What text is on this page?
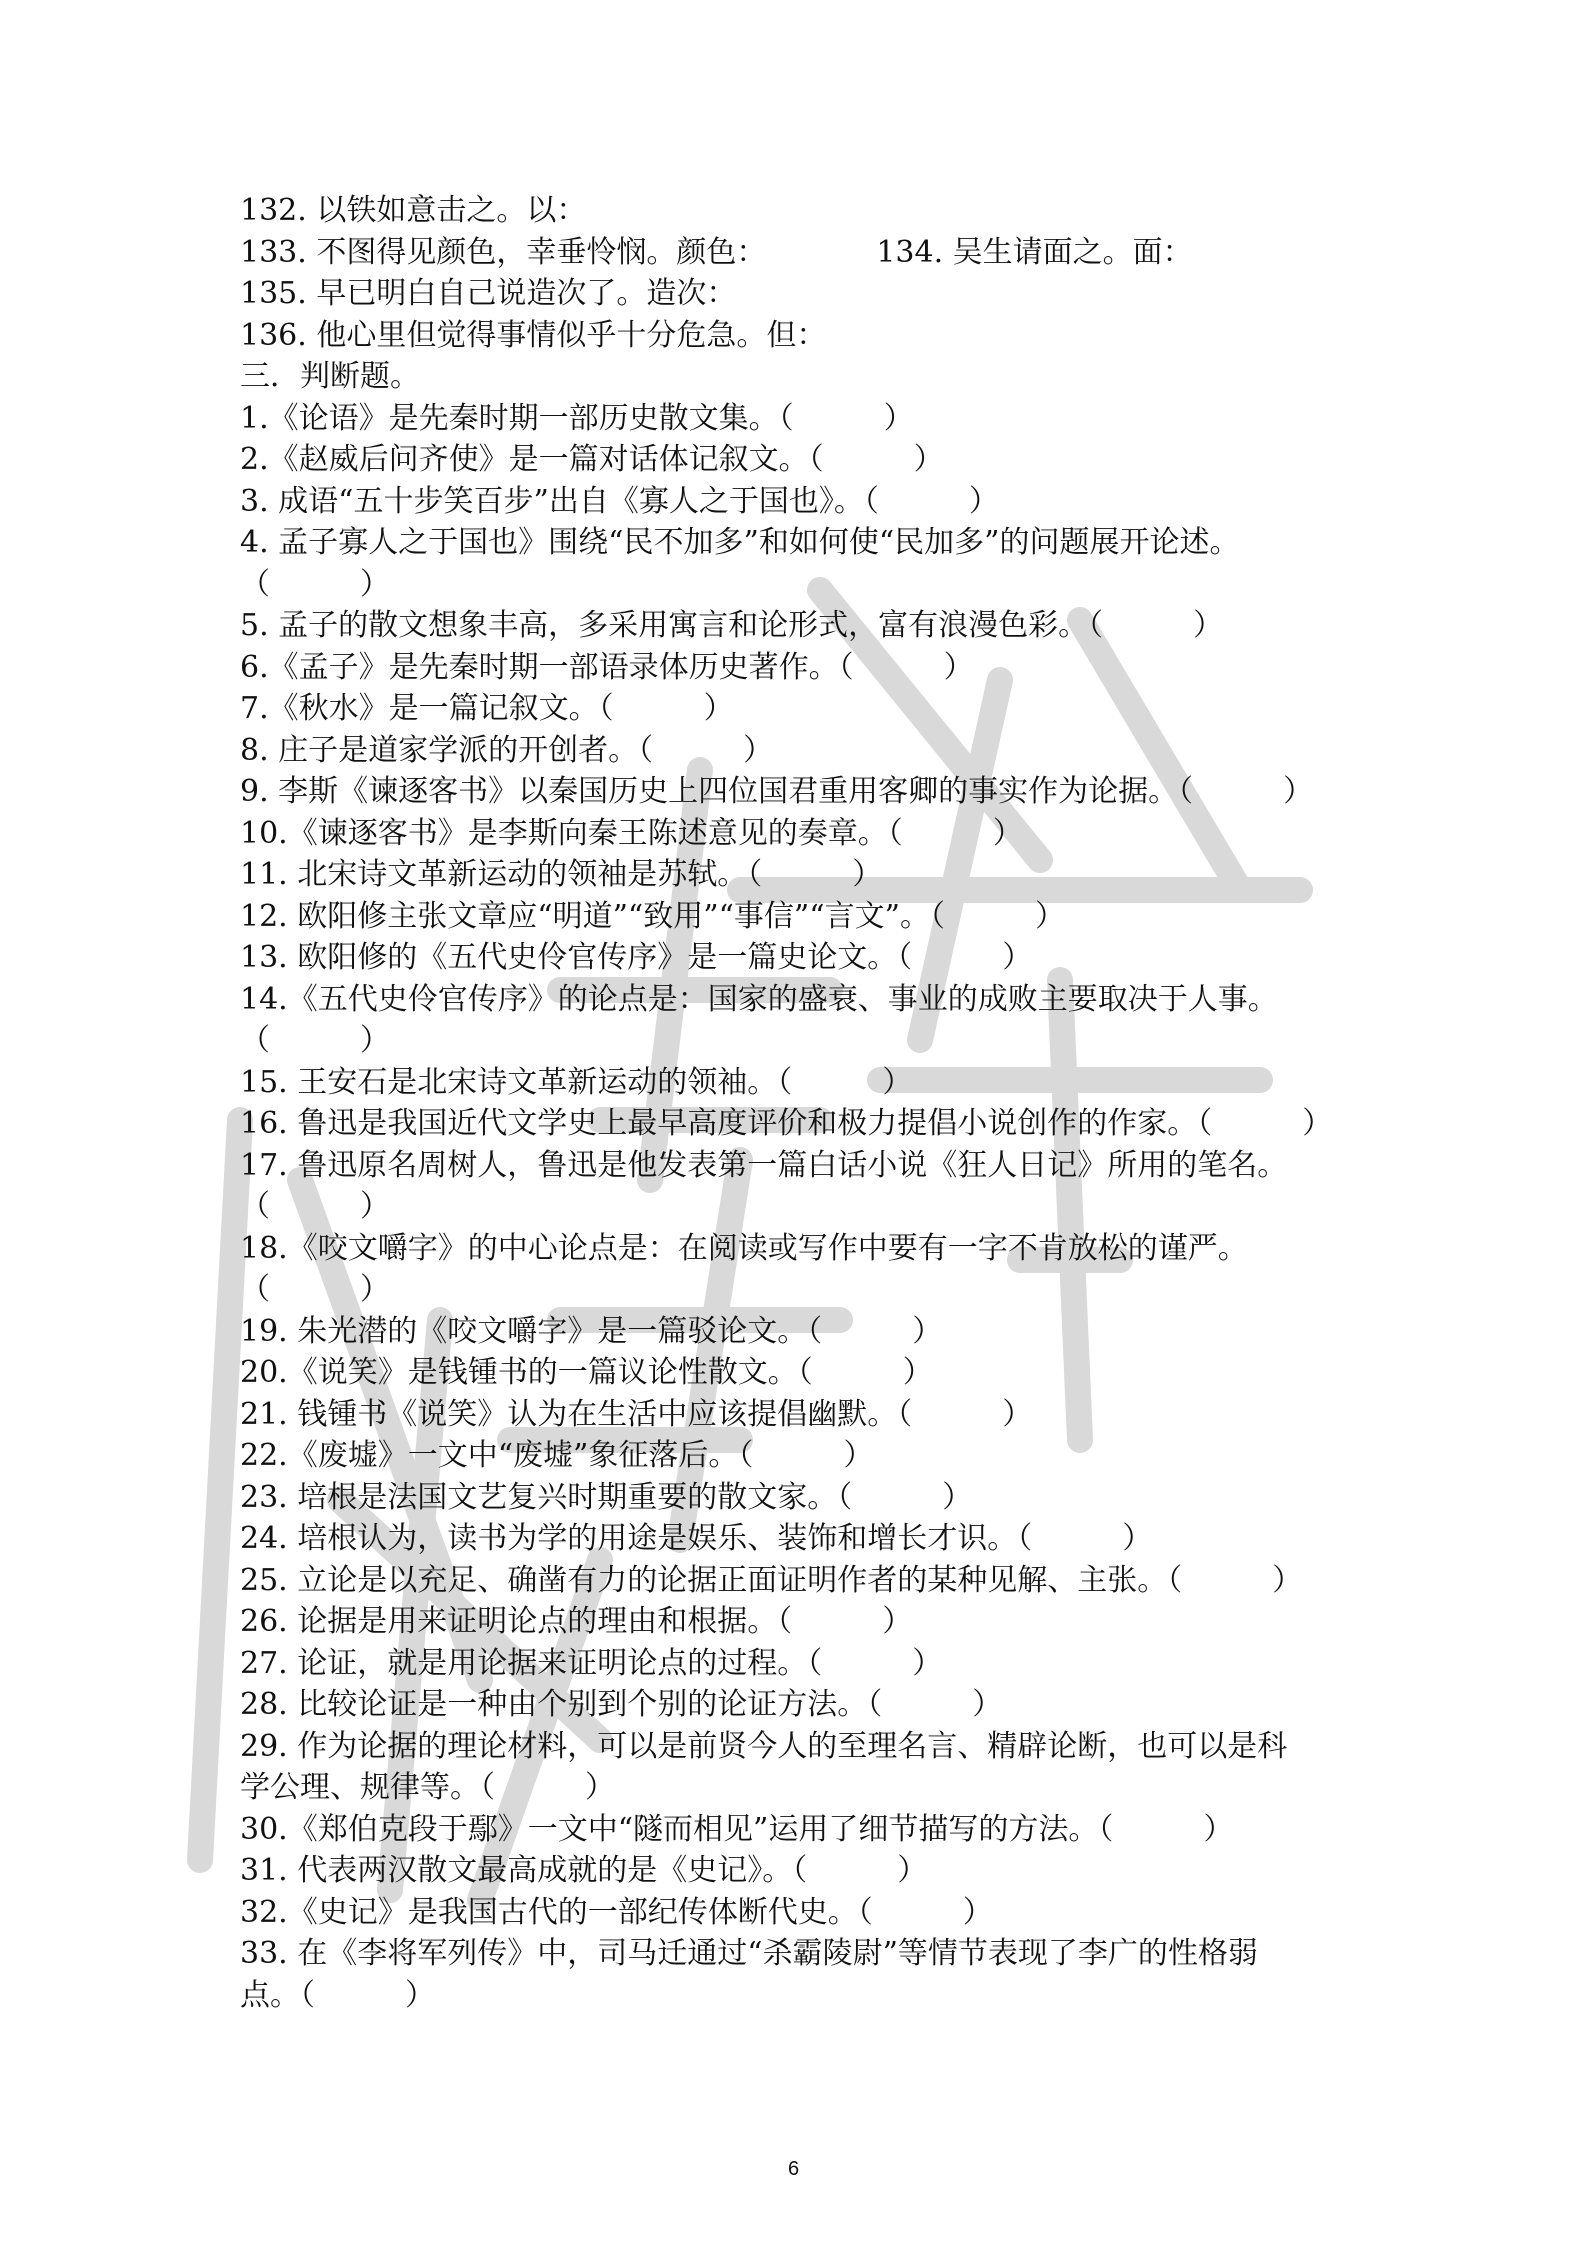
132. 以铁如意击之。以：
133. 不图得见颜色，幸垂怜悯。颜色：	134. 吴生请面之。面：
135. 早已明白自己说造次了。造次：
136. 他心里但觉得事情似乎十分危急。但：
三．判断题。
1.《论语》是先秦时期一部历史散文集。（　　　）
2.《赵威后问齐使》是一篇对话体记叙文。（　　　）
3. 成语“五十步笑百步”出自《寡人之于国也》。（　　　）
4. 孟子寡人之于国也》围绕“民不加多”和如何使“民加多”的问题展开论述。
（　　　）
5. 孟子的散文想象丰高，多采用寓言和论形式，富有浪漫色彩。（　　　）
6.《孟子》是先秦时期一部语录体历史著作。（　　　）
7.《秋水》是一篇记叙文。（　　　）
8. 庄子是道家学派的开创者。（　　　）
9. 李斯《谏逐客书》以秦国历史上四位国君重用客卿的事实作为论据。（　　　）
10.《谏逐客书》是李斯向秦王陈述意见的奏章。（　　　）
11. 北宋诗文革新运动的领袖是苏轼。（　　　）
12. 欧阳修主张文章应“明道”“致用”“事信”“言文”。（　　　）
13. 欧阳修的《五代史伶官传序》是一篇史论文。（　　　）
14.《五代史伶官传序》的论点是：国家的盛衰、事业的成败主要取决于人事。
（　　　）
15. 王安石是北宋诗文革新运动的领袖。（　　　）
16. 鲁迅是我国近代文学史上最早高度评价和极力提倡小说创作的作家。（　　　）
17. 鲁迅原名周树人，鲁迅是他发表第一篇白话小说《狂人日记》所用的笔名。
（　　　）
18.《咬文嚼字》的中心论点是：在阅读或写作中要有一字不肯放松的谨严。
（　　　）
19. 朱光潜的《咬文嚼字》是一篇驳论文。（　　　）
20.《说笑》是钱锺书的一篇议论性散文。（　　　）
21. 钱锺书《说笑》认为在生活中应该提倡幽默。（　　　）
22.《废墟》一文中“废墟”象征落后。（　　　）
23. 培根是法国文艺复兴时期重要的散文家。（　　　）
24. 培根认为，读书为学的用途是娱乐、装饰和增长才识。（　　　）
25. 立论是以充足、确凿有力的论据正面证明作者的某种见解、主张。（　　　）
26. 论据是用来证明论点的理由和根据。（　　　）
27. 论证，就是用论据来证明论点的过程。（　　　）
28. 比较论证是一种由个别到个别的论证方法。（　　　）
29. 作为论据的理论材料，可以是前贤今人的至理名言、精辟论断，也可以是科
学公理、规律等。（　　　）
30.《郑伯克段于鄢》一文中“隧而相见”运用了细节描写的方法。（　　　）
31. 代表两汉散文最高成就的是《史记》。（　　　）
32.《史记》是我国古代的一部纪传体断代史。（　　　）
33. 在《李将军列传》中，司马迁通过“杀霸陵尉”等情节表现了李广的性格弱
点。（　　　）
6
